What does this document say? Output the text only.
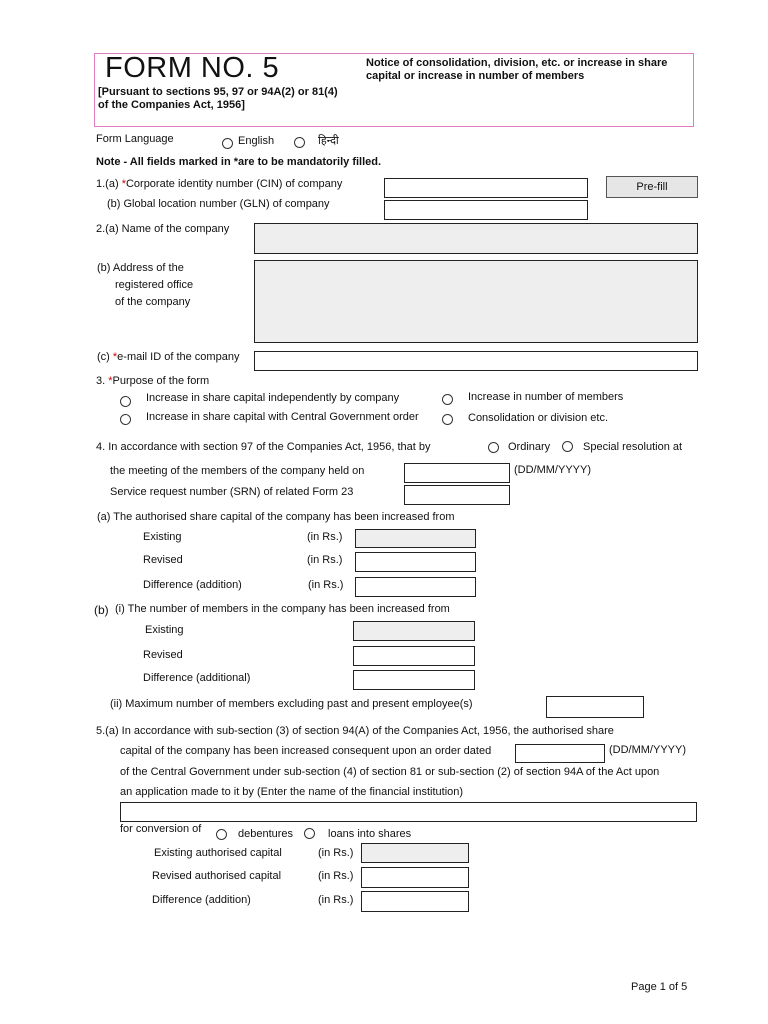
FORM NO. 5
[Pursuant to sections 95, 97 or 94A(2) or 81(4) of the Companies Act, 1956]
Notice of consolidation, division, etc. or increase in share capital or increase in number of members
Form Language	English	हिन्दी
Note - All fields marked in *are to be mandatorily filled.
1.(a) *Corporate identity number (CIN) of company	Pre-fill
(b) Global location number (GLN) of company
2.(a) Name of the company
(b) Address of the
registered office
of the company
(c) *e-mail ID of the company
3. *Purpose of the form
Increase in share capital independently by company	Increase in number of members
Increase in share capital with Central Government order	Consolidation or division etc.
4. In accordance with section 97 of the Companies Act, 1956, that by	Ordinary	Special resolution at
the meeting of the members of the company held on	(DD/MM/YYYY)
Service request number (SRN) of related Form 23
(a) The authorised share capital of the company has been increased from
Existing	(in Rs.)
Revised	(in Rs.)
Difference (addition)	(in Rs.)
(b) (i) The number of members in the company has been increased from
Existing
Revised
Difference (additional)
(ii) Maximum number of members excluding past and present employee(s)
5.(a) In accordance with sub-section (3) of section 94(A) of the Companies Act, 1956, the authorised share
capital of the company has been increased consequent upon an order dated	(DD/MM/YYYY)
of the Central Government under sub-section (4) of section 81 or sub-section (2) of section 94A of the Act upon
an application made to it by (Enter the name of the financial institution)
for conversion of	debentures	loans into shares
Existing authorised capital	(in Rs.)
Revised authorised capital	(in Rs.)
Difference (addition)	(in Rs.)
Page 1 of 5
